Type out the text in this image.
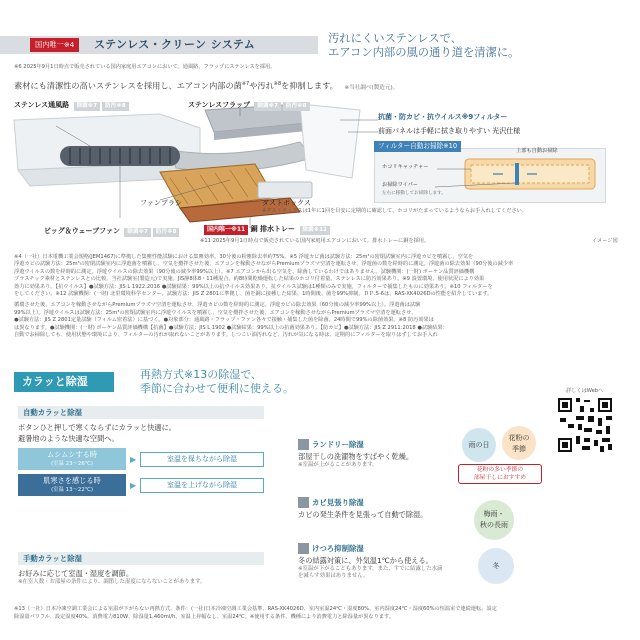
国内唯一※4	ステンレス・クリーン システム	汚れにくいステンレスで、
エアコン内部の風の通り道を清潔に。
※6 2025年9月1日時点で販売されている国内家庭用エアコンにおいて。通風路、フラップにステンレスを採用。
素材にも清潔性の高いステンレスを採用し、エアコン内部の菌$^{※7}$や汚れ$^{※8}$を抑制します。 ※当社調べ(製造元)。
ステンレス通風路 除菌※7 防汚※8	ステンレスフラップ 除菌※7 防汚※8
ファンブラシ
ビッグ＆ウェーブファン 除菌※7 防汚※8
ダストボックス
※ダストボックスは1年に1回を目安に定期的に確認して、ホコリがたまっているようならお手入れしてください。
国内唯一※11 銅 排水トレー 除菌※12
※11 2025年9月1日時点で販売されている国内家庭用エアコンにおいて。排水トレーに銅を採用。	イメージ図
抗菌・防カビ・抗ウイルス※9フィルター
前面パネルは手軽に拭き取りやすい 光沢仕様
フィルター自動お掃除※10
上部も自動お掃除
ホコリキャッチャー
お掃除ワイパー
左右に移動してお掃除します。
※4（一社）日本電機工業会規格(JEM1467)に準拠した集塵性能試験における集塵効率。30分後の粉塵除去率約75%。※5 浮遊カビ菌は試験方法：25m³の密閉試験室内に浮遊カビを噴霧し、空気を
浮遊カビの試験方法：25m³の密閉試験室内に浮遊菌を噴霧し、空気を攪拌させた後、エアコンを稼動させながらPremiumプラズマ空清を運転させ、浮遊菌の数を経時的に測定。浮遊菌の除去効果（90分後の減少率
浮遊ウイルスの数を経時的に測定。浮遊ウイルスの除去効果（90分後の減少率99%以上）。※7 エアコンから出る空気を、除菌しているわけではありません。試験機関：(一財) ボーケン品質評価機構
プラスチック素材とステンレスとの比較。当社試験室(製造元)で実施。JIS静8体8・11種混合。約8時間乾燥運転した結果のホコリ付着量。ステンレスに防汚効果あり。※9 設置環境、使用状況により効果
効力に効果あり。【抗ウイルス】●試験方法：JIS L 1922:2016 ●試験結果：99%以上の抗ウイルス効果あり。抗ウイルス試験は1種類のみで実施。フィルターで捕集したものに効果あり。※10 フィルターを
をしてください。※12 試験機関：(一財) 北里環境科学センター。試験方法：JIS Z 2801に準拠し、菌を銅に接種した結果、1時間後、菌を99%抑制。ＤＰ.5-6は、RAS-XK4026Dの性能を紹介しています。
循環させた後、エアコンを稼動させながらPremiumプラズマ空清を運転させ、浮遊カビの数を経時的に測定。浮遊カビの除去効果（60分後の減少率99%以上）。浮遊菌は試験
99%以上）。浮遊ウイルスは試験方法：25m³の密閉試験室内に浮遊ウイルスを噴霧し、空気を攪拌させた後、エアコンを稼動させながらPremiumプラズマ空清を運転させ、
●試験方法：JIS Z 2801定量試験（フィルム密着法）に基づく。●対象部分：通風路・フラップ・ファン各々で接触・捕集した菌を除菌。24時間で99%の除菌効果。※8 防汚効果は
は異なります。●試験機関：(一財) ボーケン品質評価機構【抗菌】●試験方法：JIS L 1902 ●試験結果：99%以上の抗菌効果あり。【防カビ】●試験方法：JIS Z 2911:2018 ●試験結果：
自動でお掃除しても、使用状態や環境により、フィルターの汚れが取れないことがあります。しつこい油汚れなど、汚れが気になる時は、定期的にフィルターを取りはずしてお手入れ
カラッと除湿
再熱方式※13の除湿で、
季節に合わせて便利に使える。	詳しくはWebへ
自動カラッと除湿
ボタンひと押しで寒くならずにカラッと快適に。
避暑地のような快適な空間へ。
ムシムシする時
(室温 23〜26℃)
▶	室温を保ちながら除湿
肌寒さを感じる時
(室温 13〜22℃)
▶	室温を上げながら除湿
手動カラッと除湿
お好みに応じて室温・湿度を調節。
※在室人数・お部屋の条件により、調節した湿度にならないことがあります。
ランドリー除湿
部屋干しの洗濯物をすばやく乾燥。
※室温が上がることがあります。
雨の日
花粉の
季節
花粉の多い季節の
部屋干しにおすすめ
カビ見張り除湿
カビの発生条件を見張って自動で除湿。	梅雨・
秋の長雨
けつろ抑制除湿
冬の結露対策に、外気温1℃から使える。
※室温が下がることもあります。また、すでに結露した水滴
を減らす効果はありません。
冬
※13（一社）日本冷凍空調工業会による室温が下がらない再熱方式。条件：(一社)日本冷凍空調工業会基準、RAS-XK4026D、室内室温24℃・湿度80%、室内湿度24℃・湿度60%の恒温室で連続運転。設定
除湿量パワフル、設定湿度40%。消費電力810W、除湿量1,460ml/h、室温上昇幅なし、室温24℃。※使用する条件、機種により消費電力と除湿量が異なります。
